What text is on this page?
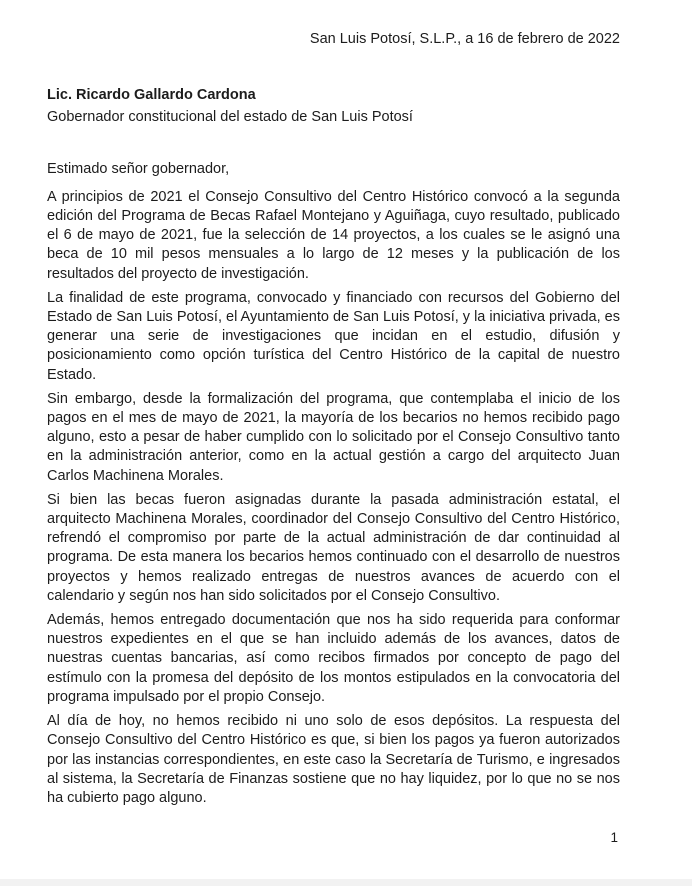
San Luis Potosí, S.L.P., a 16 de febrero de 2022
Lic. Ricardo Gallardo Cardona
Gobernador constitucional del estado de San Luis Potosí
Estimado señor gobernador,

A principios de 2021 el Consejo Consultivo del Centro Histórico convocó a la segunda edición del Programa de Becas Rafael Montejano y Aguiñaga, cuyo resultado, publicado el 6 de mayo de 2021, fue la selección de 14 proyectos, a los cuales se le asignó una beca de 10 mil pesos mensuales a lo largo de 12 meses y la publicación de los resultados del proyecto de investigación.

La finalidad de este programa, convocado y financiado con recursos del Gobierno del Estado de San Luis Potosí, el Ayuntamiento de San Luis Potosí, y la iniciativa privada, es generar una serie de investigaciones que incidan en el estudio, difusión y posicionamiento como opción turística del Centro Histórico de la capital de nuestro Estado.

Sin embargo, desde la formalización del programa, que contemplaba el inicio de los pagos en el mes de mayo de 2021, la mayoría de los becarios no hemos recibido pago alguno, esto a pesar de haber cumplido con lo solicitado por el Consejo Consultivo tanto en la administración anterior, como en la actual gestión a cargo del arquitecto Juan Carlos Machinena Morales.

Si bien las becas fueron asignadas durante la pasada administración estatal, el arquitecto Machinena Morales, coordinador del Consejo Consultivo del Centro Histórico, refrendó el compromiso por parte de la actual administración de dar continuidad al programa. De esta manera los becarios hemos continuado con el desarrollo de nuestros proyectos y hemos realizado entregas de nuestros avances de acuerdo con el calendario y según nos han sido solicitados por el Consejo Consultivo.

Además, hemos entregado documentación que nos ha sido requerida para conformar nuestros expedientes en el que se han incluido además de los avances, datos de nuestras cuentas bancarias, así como recibos firmados por concepto de pago del estímulo con la promesa del depósito de los montos estipulados en la convocatoria del programa impulsado por el propio Consejo.

Al día de hoy, no hemos recibido ni uno solo de esos depósitos. La respuesta del Consejo Consultivo del Centro Histórico es que, si bien los pagos ya fueron autorizados por las instancias correspondientes, en este caso la Secretaría de Turismo, e ingresados al sistema, la Secretaría de Finanzas sostiene que no hay liquidez, por lo que no se nos ha cubierto pago alguno.

1
